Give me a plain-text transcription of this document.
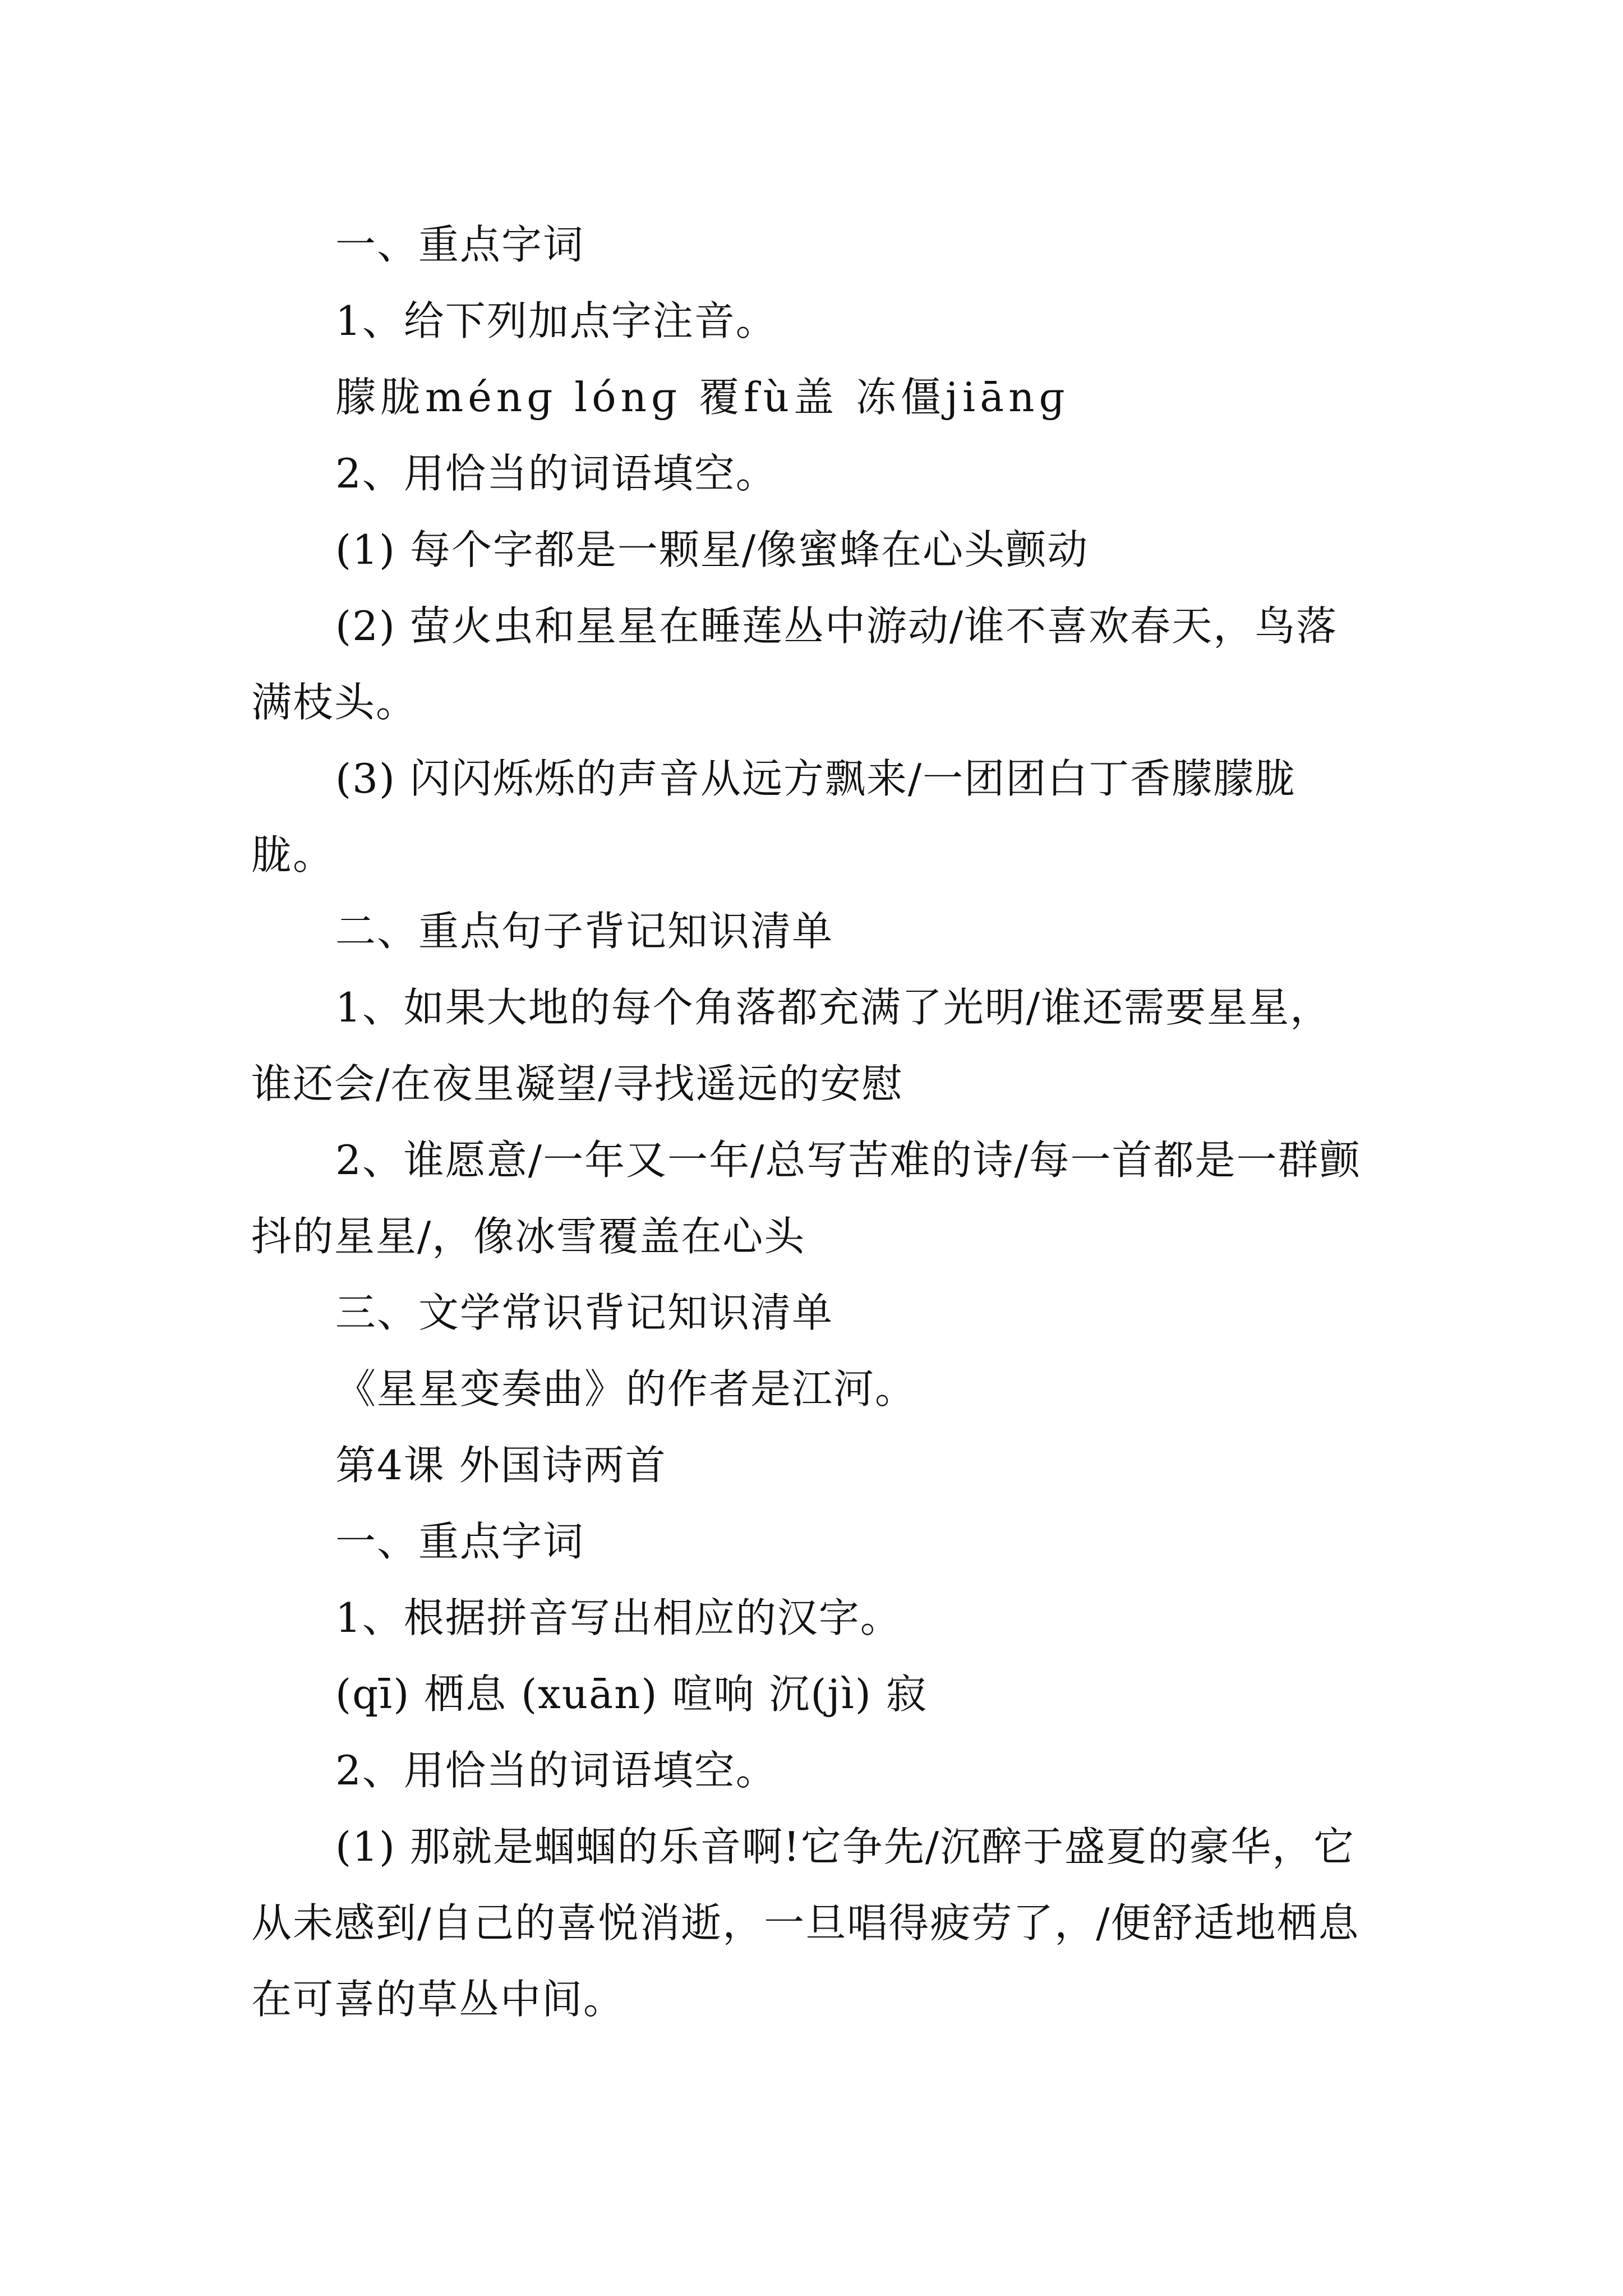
一、重点字词

1、给下列加点字注音。

朦胧ménɡ lónɡ 覆fù盖 冻僵jiānɡ

2、用恰当的词语填空。

(1) 每个字都是一颗星/像蜜蜂在心头颤动

(2) 萤火虫和星星在睡莲丛中游动/谁不喜欢春天，鸟落满枝头。

(3) 闪闪烁烁的声音从远方飘来/一团团白丁香朦朦胧胧。

二、重点句子背记知识清单

1、如果大地的每个角落都充满了光明/谁还需要星星，谁还会/在夜里凝望/寻找遥远的安慰

2、谁愿意/一年又一年/总写苦难的诗/每一首都是一群颤抖的星星/，像冰雪覆盖在心头

三、文学常识背记知识清单

《星星变奏曲》的作者是江河。

第4课 外国诗两首

一、重点字词

1、根据拼音写出相应的汉字。

(qī) 栖息 (xuān) 喧响 沉(jì) 寂

2、用恰当的词语填空。

(1) 那就是蝈蝈的乐音啊!它争先/沉醉于盛夏的豪华，它从未感到/自己的喜悦消逝，一旦唱得疲劳了，/便舒适地栖息在可喜的草丛中间。
